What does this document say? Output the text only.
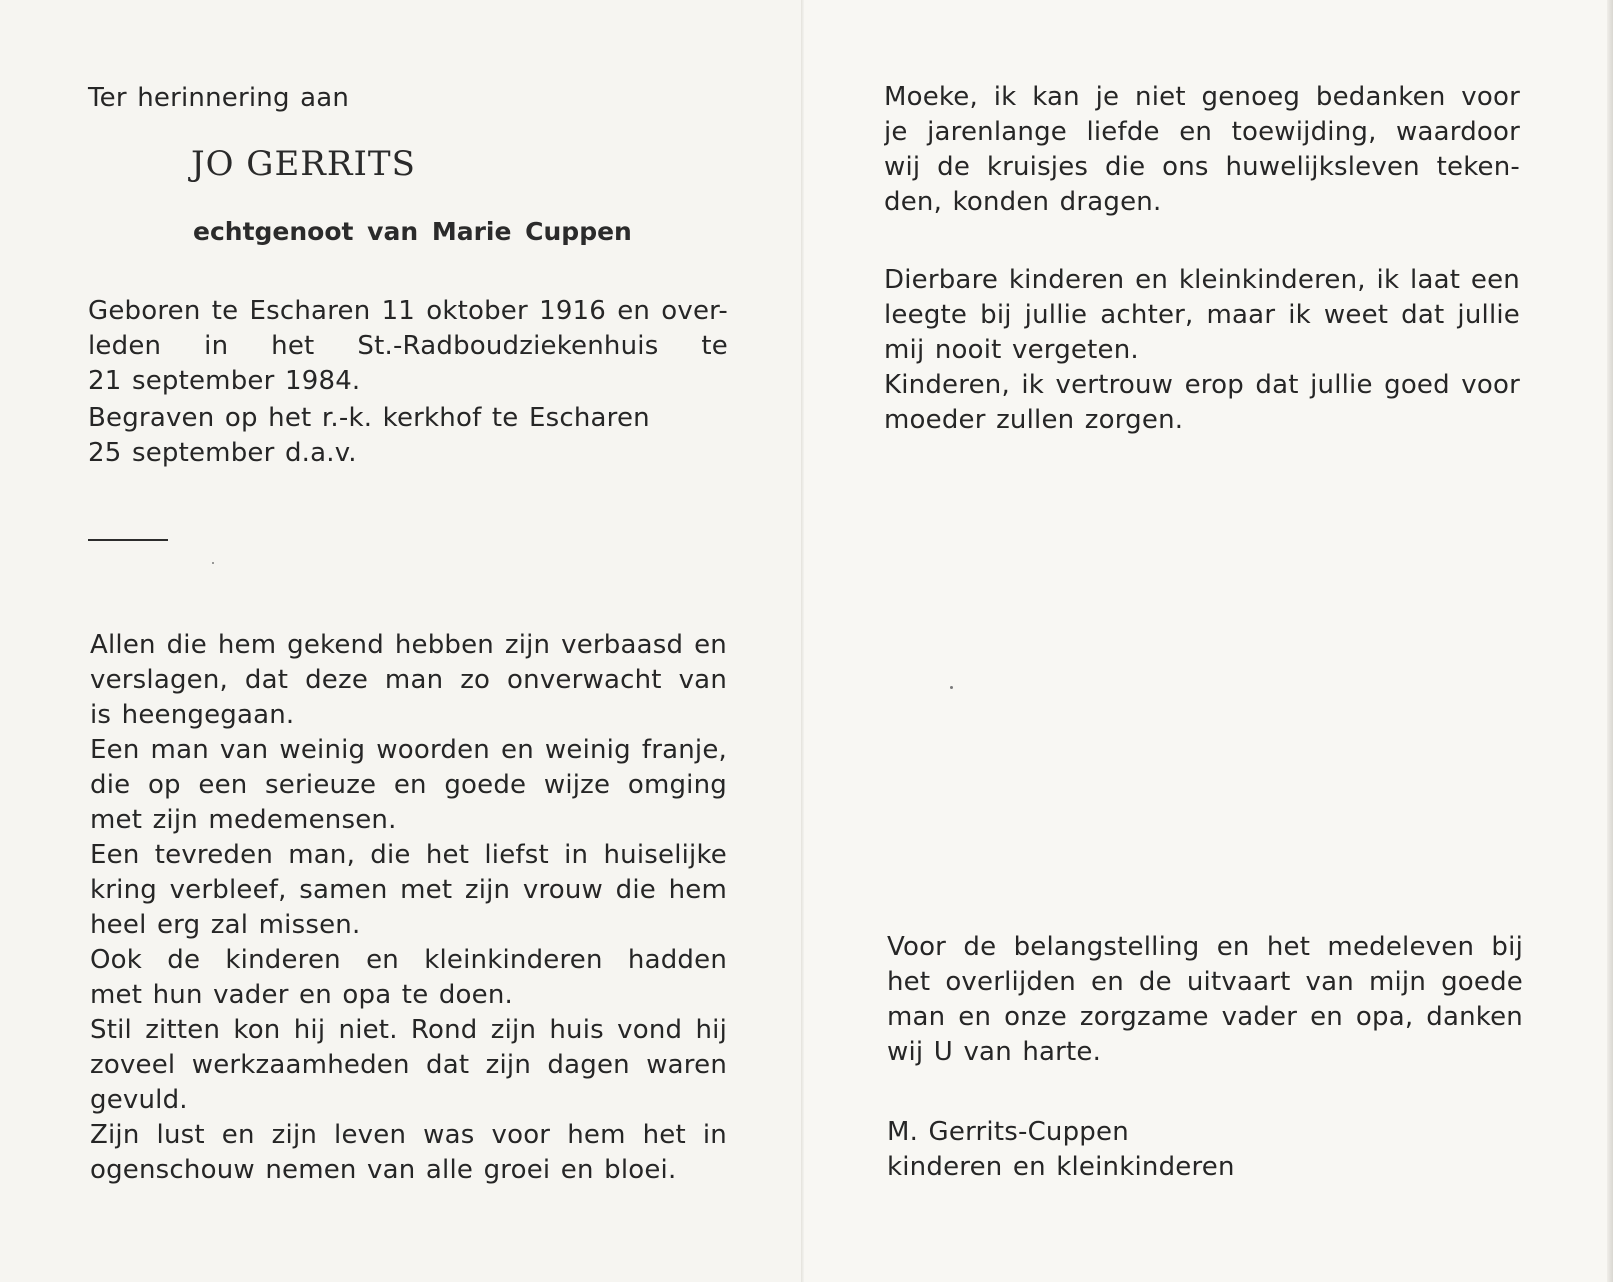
Ter herinnering aan

JO GERRITS

echtgenoot van Marie Cuppen

Geboren te Escharen 11 oktober 1916 en over-
leden in het St.-Radboudziekenhuis te
21 september 1984.
Begraven op het r.-k. kerkhof te Escharen
25 september d.a.v.
Allen die hem gekend hebben zijn verbaasd en
verslagen, dat deze man zo onverwacht van
is heengegaan.
Een man van weinig woorden en weinig franje,
die op een serieuze en goede wijze omging
met zijn medemensen.
Een tevreden man, die het liefst in huiselijke
kring verbleef, samen met zijn vrouw die hem
heel erg zal missen.
Ook de kinderen en kleinkinderen hadden
met hun vader en opa te doen.
Stil zitten kon hij niet. Rond zijn huis vond hij
zoveel werkzaamheden dat zijn dagen waren
gevuld.
Zijn lust en zijn leven was voor hem het in
ogenschouw nemen van alle groei en bloei.
Moeke, ik kan je niet genoeg bedanken voor
je jarenlange liefde en toewijding, waardoor
wij de kruisjes die ons huwelijksleven teken-
den, konden dragen.
Dierbare kinderen en kleinkinderen, ik laat een
leegte bij jullie achter, maar ik weet dat jullie
mij nooit vergeten.
Kinderen, ik vertrouw erop dat jullie goed voor
moeder zullen zorgen.
Voor de belangstelling en het medeleven bij
het overlijden en de uitvaart van mijn goede
man en onze zorgzame vader en opa, danken
wij U van harte.
M. Gerrits-Cuppen
kinderen en kleinkinderen
